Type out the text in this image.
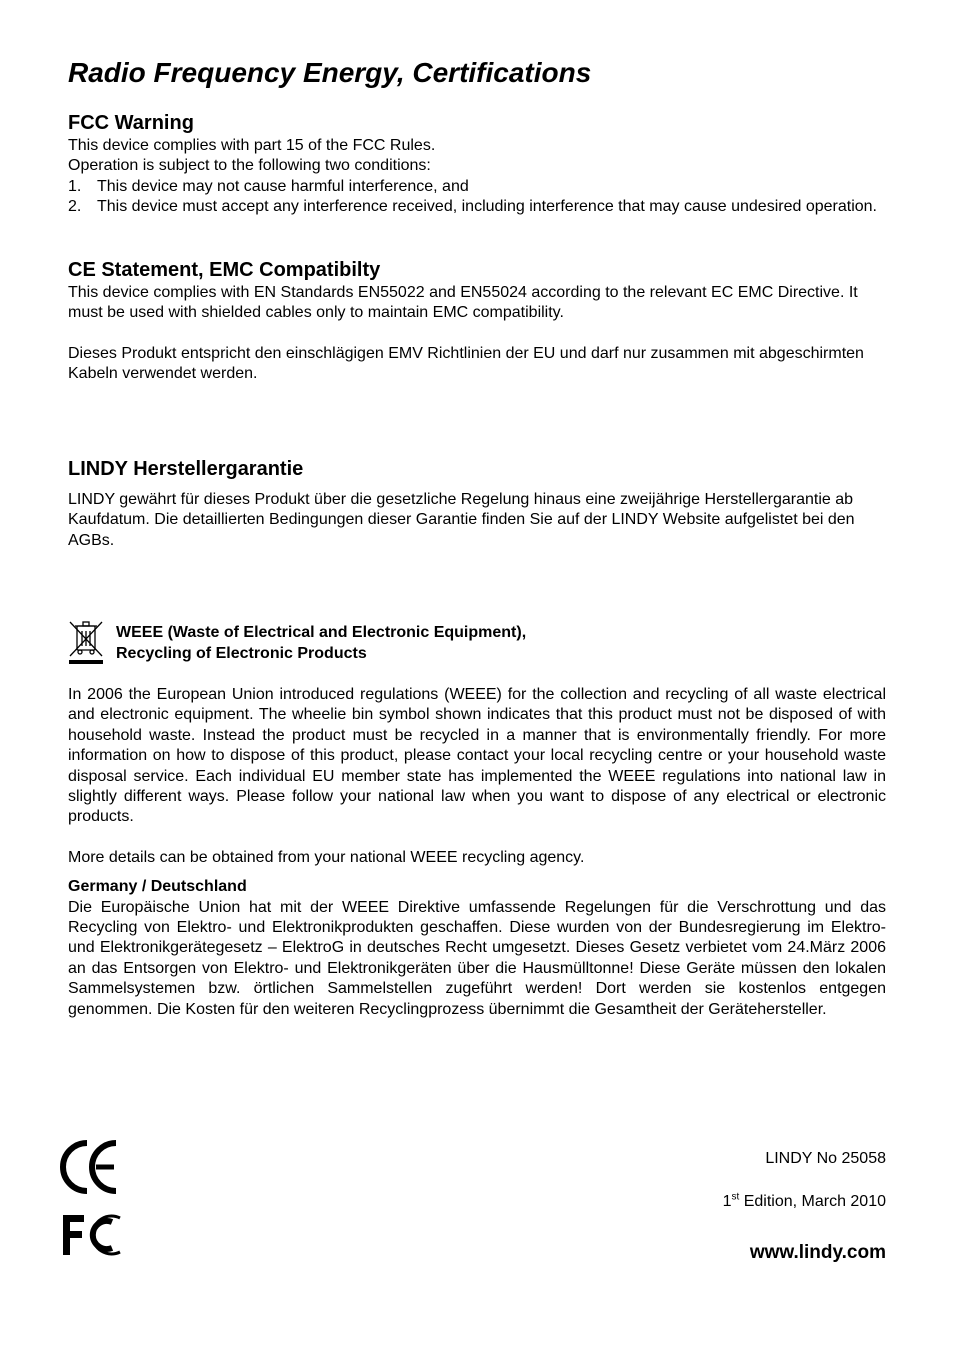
Radio Frequency Energy, Certifications
FCC Warning

This device complies with part 15 of the FCC Rules.

Operation is subject to the following two conditions:

1. This device may not cause harmful interference, and
2. This device must accept any interference received, including interference that may cause undesired operation.
CE Statement, EMC Compatibilty

This device complies with EN Standards EN55022 and EN55024 according to the relevant EC EMC Directive. It must be used with shielded cables only to maintain EMC compatibility.

Dieses Produkt entspricht den einschlägigen EMV Richtlinien der EU und darf nur zusammen mit abgeschirmten Kabeln verwendet werden.

LINDY Herstellergarantie

LINDY gewährt für dieses Produkt über die gesetzliche Regelung hinaus eine zweijährige Herstellergarantie ab Kaufdatum. Die detaillierten Bedingungen dieser Garantie finden Sie auf der LINDY Website aufgelistet bei den AGBs.

WEEE (Waste of Electrical and Electronic Equipment),
Recycling of Electronic Products

In 2006 the European Union introduced regulations (WEEE) for the collection and recycling of all waste electrical and electronic equipment. The wheelie bin symbol shown indicates that this product must not be disposed of with household waste. Instead the product must be recycled in a manner that is environmentally friendly. For more information on how to dispose of this product, please contact your local recycling centre or your household waste disposal service. Each individual EU member state has implemented the WEEE regulations into national law in slightly different ways. Please follow your national law when you want to dispose of any electrical or electronic products.

More details can be obtained from your national WEEE recycling agency.

Germany / Deutschland

Die Europäische Union hat mit der WEEE Direktive umfassende Regelungen für die Verschrottung und das Recycling von Elektro- und Elektronikprodukten geschaffen. Diese wurden von der Bundesregierung im Elektro- und Elektronikgerätegesetz – ElektroG in deutsches Recht umgesetzt. Dieses Gesetz verbietet vom 24.März 2006 an das Entsorgen von Elektro- und Elektronikgeräten über die Hausmülltonne! Diese Geräte müssen den lokalen Sammelsystemen bzw. örtlichen Sammelstellen zugeführt werden! Dort werden sie kostenlos entgegen genommen. Die Kosten für den weiteren Recyclingprozess übernimmt die Gesamtheit der Gerätehersteller.

LINDY No 25058
1st Edition, March 2010
www.lindy.com
